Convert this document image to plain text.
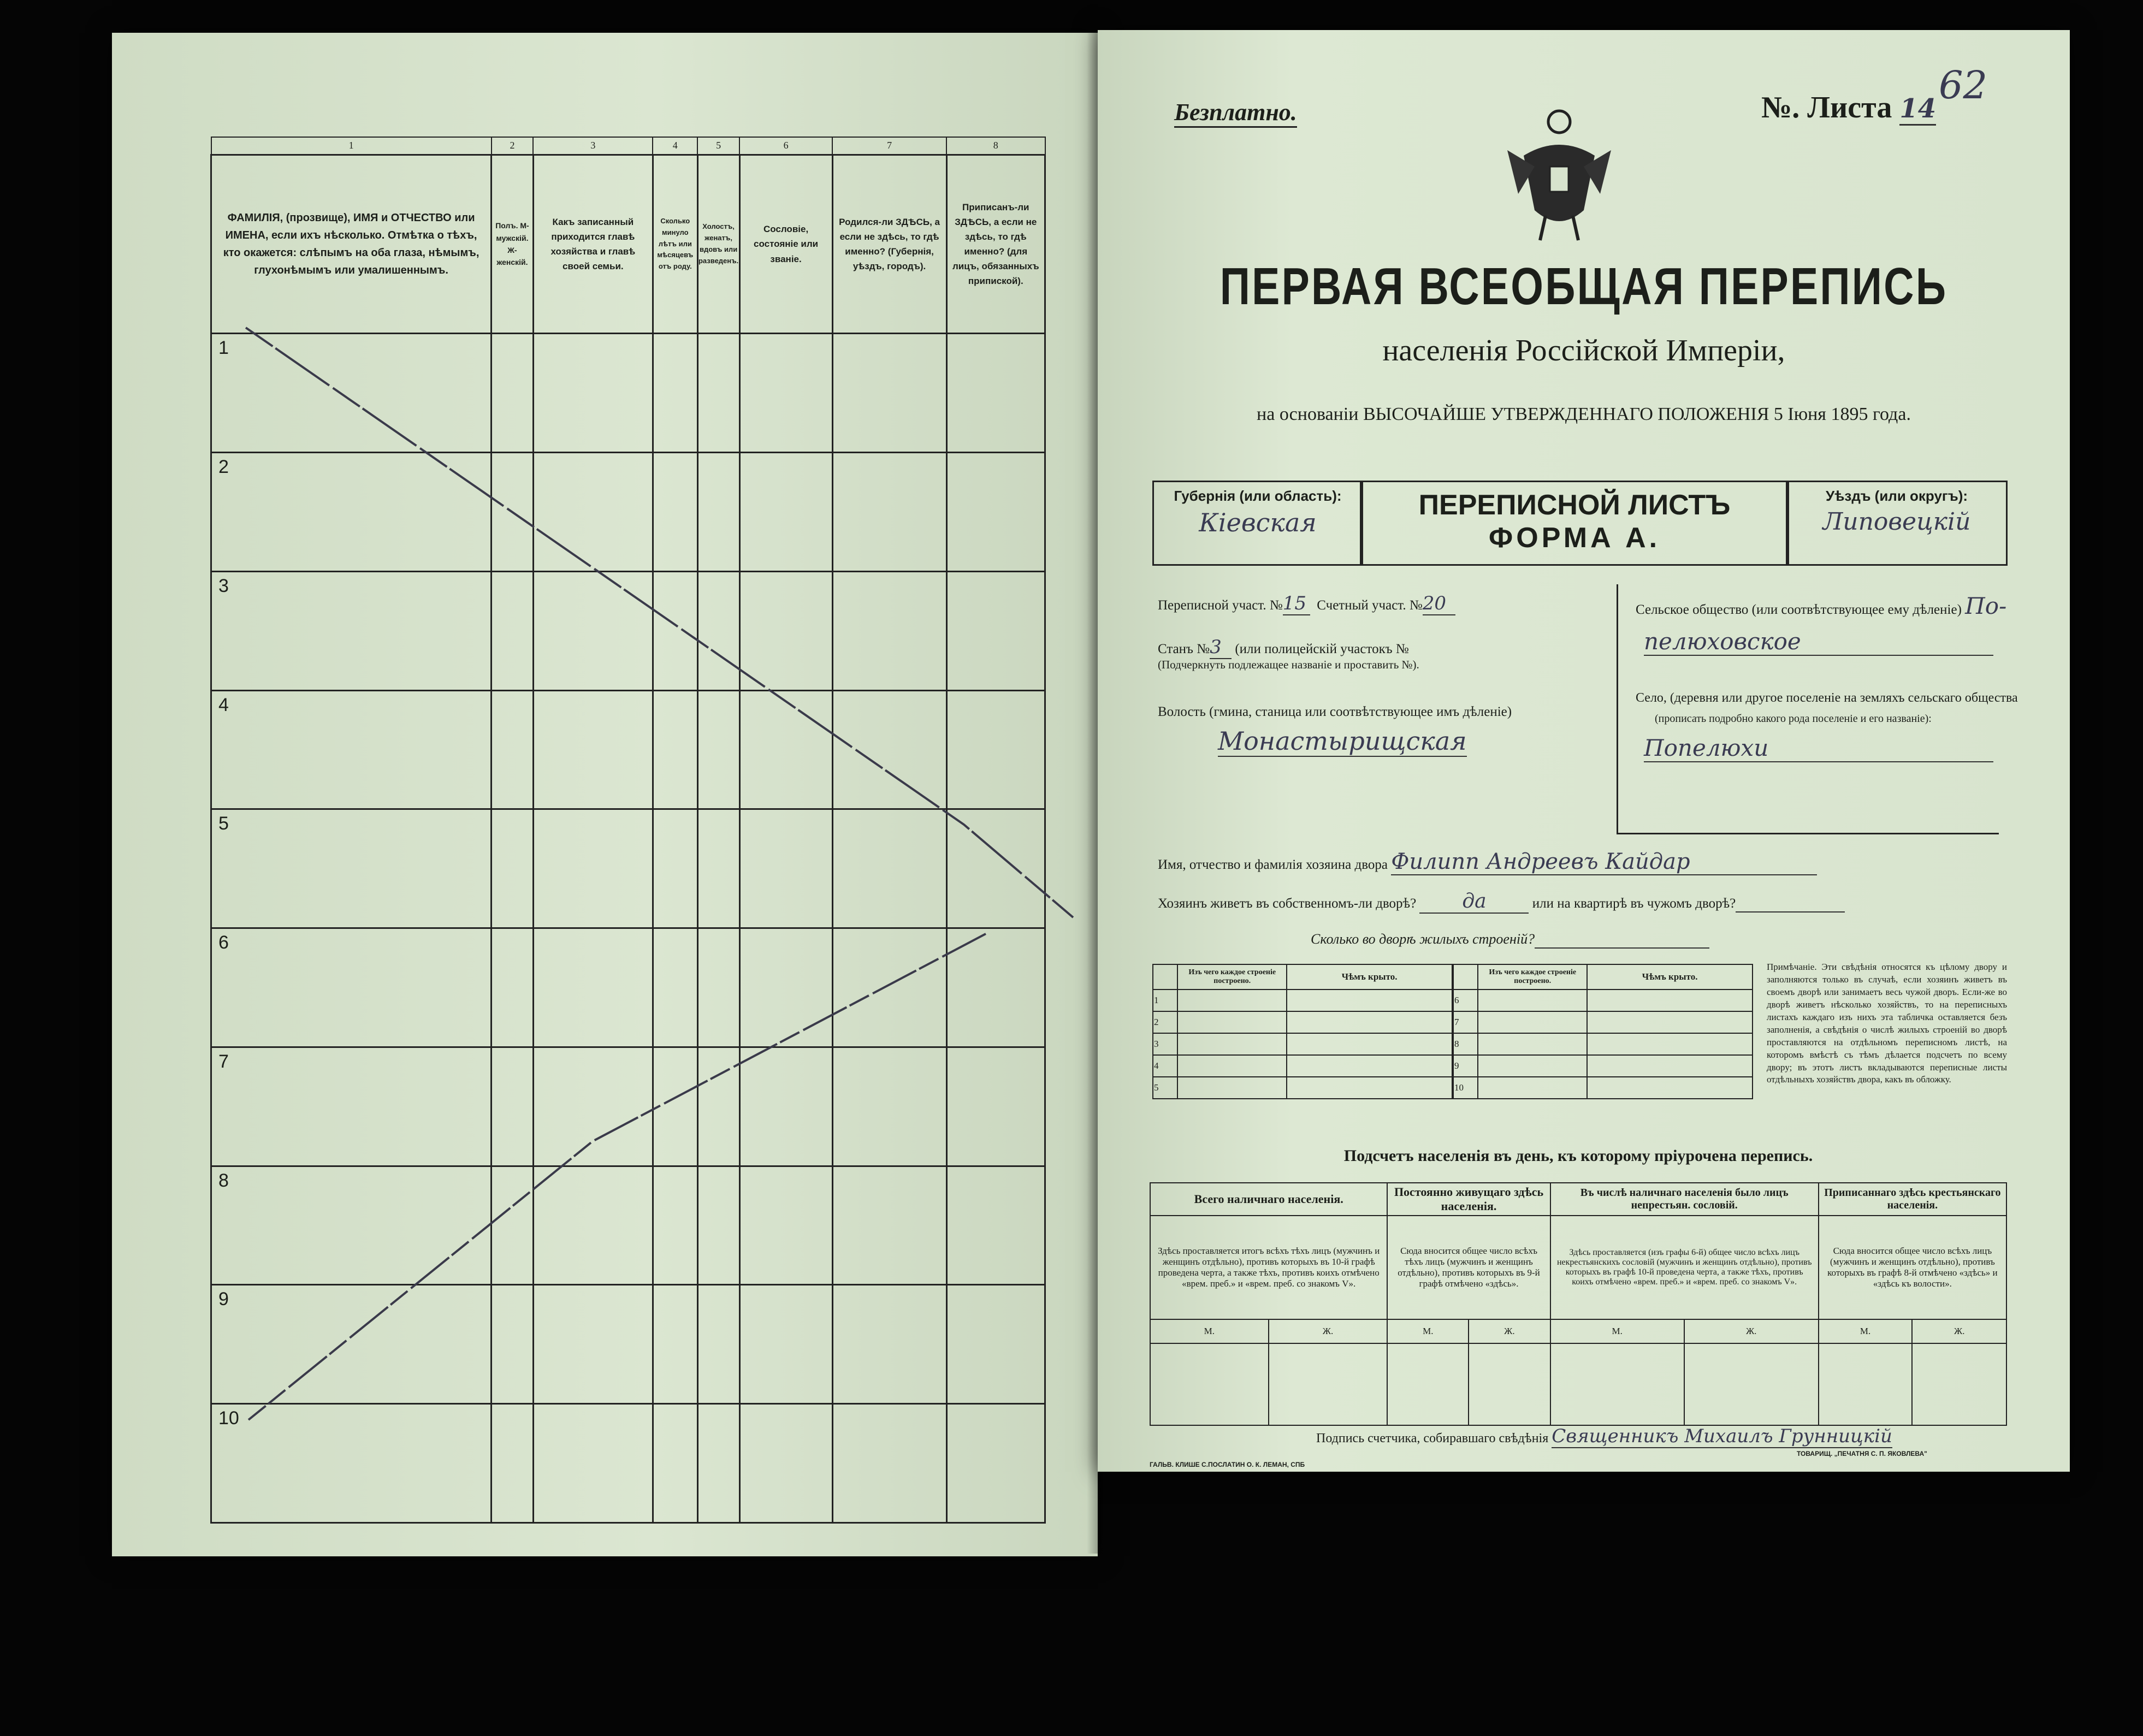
1	2	3	4	5	6	7	8
ФАМИЛІЯ, (прозвище), ИМЯ и ОТЧЕСТВО или ИМЕНА, если ихъ нѣсколько. Отмѣтка о тѣхъ, кто окажется: слѣпымъ на оба глаза, нѣмымъ, глухонѣмымъ или умалишеннымъ.	Полъ. М-мужскій. Ж-женскій.	Какъ записанный приходится главѣ хозяйства и главѣ своей семьи.	Сколько минуло лѣтъ или мѣсяцевъ отъ роду.	Холостъ, женатъ, вдовъ или разведенъ.	Сословіе, состояніе или званіе.	Родился-ли ЗДѢСЬ, а если не здѣсь, то гдѣ именно? (Губернія, уѣздъ, городъ).	Приписанъ-ли ЗДѢСЬ, а если не здѣсь, то гдѣ именно? (для лицъ, обязанныхъ припиской).

1							

2							

3							

4							

5							

6							

7							

8							

9							

10							

Безплатно.	№. Листа 14
62
ПЕРВАЯ ВСЕОБЩАЯ ПЕРЕПИСЬ
населенія Россійской Имперіи,
на основаніи ВЫСОЧАЙШЕ УТВЕРЖДЕННАГО ПОЛОЖЕНІЯ 5 Іюня 1895 года.
Губернія (или область):
Кіевская
ПЕРЕПИСНОЙ ЛИСТЪ
ФОРМА А.
Уѣздъ (или округъ):
Липовецкій
Переписной участ. №15 Счетный участ. №20
Станъ №3 (или полицейскій участокъ №
(Подчеркнуть подлежащее названіе и проставить №).
Волость (гмина, станица или соотвѣтствующее имъ дѣленіе)
Монастырищская
Сельское общество (или соотвѣтствующее ему дѣленіе) По-
пелюховское
Село, (деревня или другое поселеніе на земляхъ сельскаго общества
(прописать подробно какого рода поселеніе и его названіе):
Попелюхи
Имя, отчество и фамилія хозяина двора Филипп Андреевъ Кайдар
Хозяинъ живетъ въ собственномъ-ли дворѣ? да	или на квартирѣ въ чужомъ дворѣ?
Сколько во дворѣ жилыхъ строеній?
	Изъ чего каждое строеніе построено.	Чѣмъ крыто.		Изъ чего каждое строеніе построено.	Чѣмъ крыто.
1			6		
2			7		
3			8		
4			9		
5			10		
Примѣчаніе. Эти свѣдѣнія относятся къ цѣлому двору и заполняются только въ случаѣ, если хозяинъ живетъ въ своемъ дворѣ или занимаетъ весь чужой дворъ. Если-же во дворѣ живетъ нѣсколько хозяйствъ, то на переписныхъ листахъ каждаго изъ нихъ эта табличка оставляется безъ заполненія, а свѣдѣнія о числѣ жилыхъ строеній во дворѣ проставляются на отдѣльномъ переписномъ листѣ, на которомъ вмѣстѣ съ тѣмъ дѣлается подсчетъ по всему двору; въ этотъ листъ вкладываются переписные листы отдѣльныхъ хозяйствъ двора, какъ въ обложку.
Подсчетъ населенія въ день, къ которому пріурочена перепись.
Всего наличнаго населенія.		Постоянно живущаго здѣсь населенія.		Въ числѣ наличнаго населенія было лицъ непрестьян. сословій.		Приписаннаго здѣсь крестьянскаго населенія.	
Здѣсь проставляется итогъ всѣхъ тѣхъ лицъ (мужчинъ и женщинъ отдѣльно), противъ которыхъ въ 10-й графѣ проведена черта, а также тѣхъ, противъ коихъ отмѣчено «врем. преб.» и «врем. преб. со знакомъ V».		Сюда вносится общее число всѣхъ тѣхъ лицъ (мужчинъ и женщинъ отдѣльно), противъ которыхъ въ 9-й графѣ отмѣчено «здѣсь».		Здѣсь проставляется (изъ графы 6-й) общее число всѣхъ лицъ некрестьянскихъ сословій (мужчинъ и женщинъ отдѣльно), противъ которыхъ въ графѣ 10-й проведена черта, а также тѣхъ, противъ коихъ отмѣчено «врем. преб.» и «врем. преб. со знакомъ V».		Сюда вносится общее число всѣхъ лицъ (мужчинъ и женщинъ отдѣльно), противъ которыхъ въ графѣ 8-й отмѣчено «здѣсь» и «здѣсь къ волости».	
М.	Ж.	М.	Ж.	М.	Ж.	М.	Ж.

Подпись счетчика, собиравшаго свѣдѣнія Священникъ Михаилъ Грунницкій
ГАЛЬВ. КЛИШЕ С.ПОСЛАТИН О. К. ЛЕМАН, СПБ
ТОВАРИЩ. „ПЕЧАТНЯ С. П. ЯКОВЛЕВА"
